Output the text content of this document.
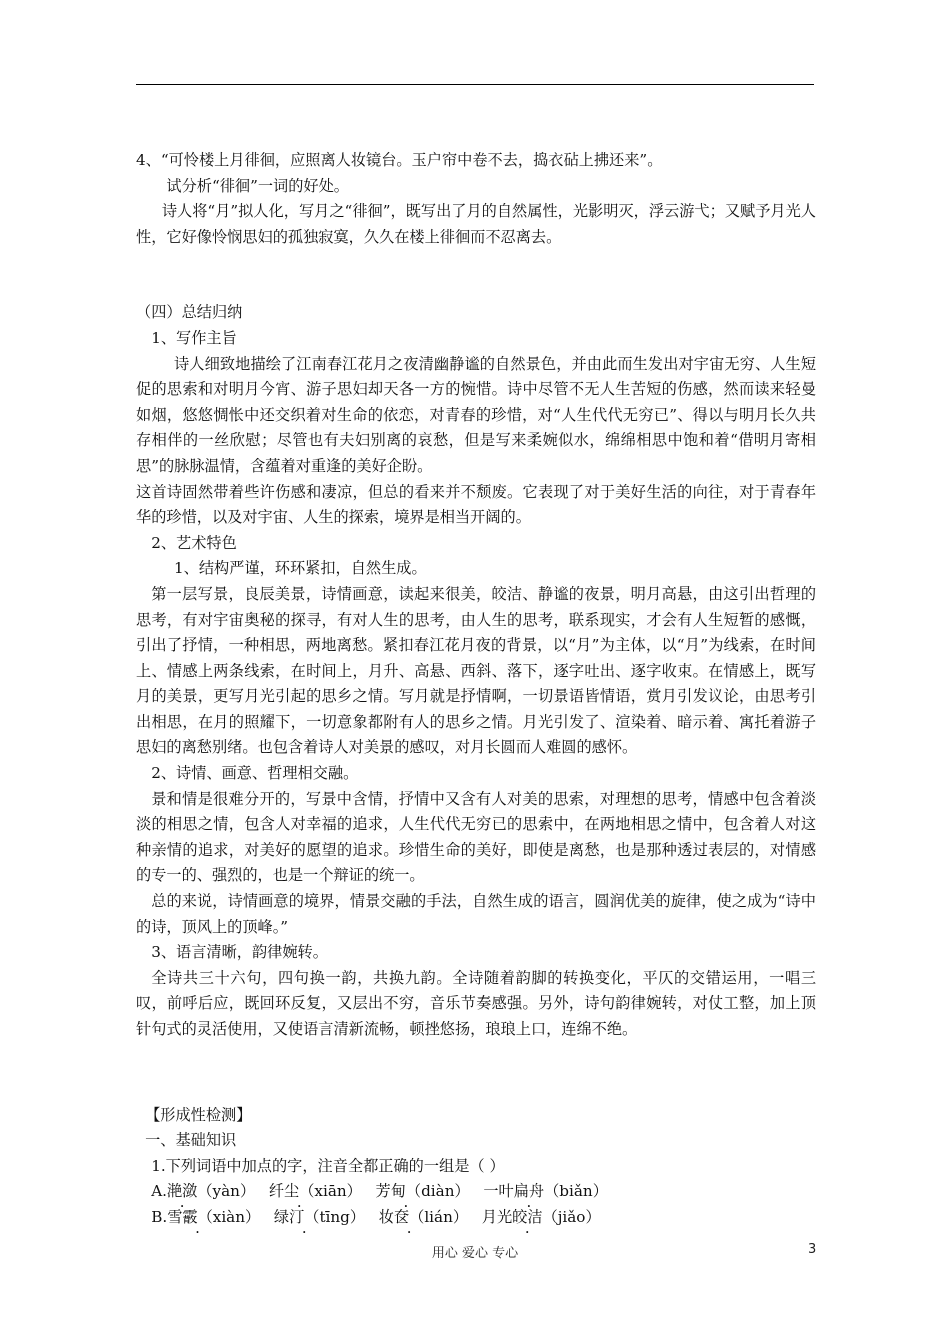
4、“可怜楼上月徘徊，应照离人妆镜台。玉户帘中卷不去，捣衣砧上拂还来”。

试分析“徘徊”一词的好处。

诗人将“月”拟人化，写月之“徘徊”，既写出了月的自然属性，光影明灭，浮云游弋；又赋予月光人性，它好像怜悯思妇的孤独寂寞，久久在楼上徘徊而不忍离去。

（四）总结归纳

1、写作主旨

诗人细致地描绘了江南春江花月之夜清幽静谧的自然景色，并由此而生发出对宇宙无穷、人生短促的思索和对明月今宵、游子思妇却天各一方的惋惜。诗中尽管不无人生苦短的伤感，然而读来轻曼如烟，悠悠惆怅中还交织着对生命的依恋，对青春的珍惜，对“人生代代无穷已”、得以与明月长久共存相伴的一丝欣慰；尽管也有夫妇别离的哀愁，但是写来柔婉似水，绵绵相思中饱和着“借明月寄相思”的脉脉温情，含蕴着对重逢的美好企盼。

这首诗固然带着些许伤感和凄凉，但总的看来并不颓废。它表现了对于美好生活的向往，对于青春年华的珍惜，以及对宇宙、人生的探索，境界是相当开阔的。

2、艺术特色

1、结构严谨，环环紧扣，自然生成。

第一层写景，良辰美景，诗情画意，读起来很美，皎洁、静谧的夜景，明月高悬，由这引出哲理的思考，有对宇宙奥秘的探寻，有对人生的思考，由人生的思考，联系现实，才会有人生短暂的感慨，引出了抒情，一种相思，两地离愁。紧扣春江花月夜的背景，以“月”为主体，以“月”为线索，在时间上、情感上两条线索，在时间上，月升、高悬、西斜、落下，逐字吐出、逐字收束。在情感上，既写月的美景，更写月光引起的思乡之情。写月就是抒情啊，一切景语皆情语，赏月引发议论，由思考引出相思，在月的照耀下，一切意象都附有人的思乡之情。月光引发了、渲染着、暗示着、寓托着游子思妇的离愁别绪。也包含着诗人对美景的感叹，对月长圆而人难圆的感怀。

2、诗情、画意、哲理相交融。

景和情是很难分开的，写景中含情，抒情中又含有人对美的思索，对理想的思考，情感中包含着淡淡的相思之情，包含人对幸福的追求，人生代代无穷已的思索中，在两地相思之情中，包含着人对这种亲情的追求，对美好的愿望的追求。珍惜生命的美好，即使是离愁，也是那种透过表层的，对情感的专一的、强烈的，也是一个辩证的统一。

总的来说，诗情画意的境界，情景交融的手法，自然生成的语言，圆润优美的旋律，使之成为“诗中的诗，顶风上的顶峰。”

3、语言清晰，韵律婉转。

全诗共三十六句，四句换一韵，共换九韵。全诗随着韵脚的转换变化，平仄的交错运用，一唱三叹，前呼后应，既回环反复，又层出不穷，音乐节奏感强。另外，诗句韵律婉转，对仗工整，加上顶针句式的灵活使用，又使语言清新流畅，顿挫悠扬，琅琅上口，连绵不绝。

【形成性检测】

一、基础知识

1.下列词语中加点的字，注音全都正确的一组是（ ）

A.滟潋（yàn） 纤尘（xiān） 芳甸（diàn） 一叶扁舟（biǎn）

B.雪霰（xiàn） 绿汀（tīng） 妆奁（lián） 月光皎洁（jiǎo）

用心 爱心 专心	3
